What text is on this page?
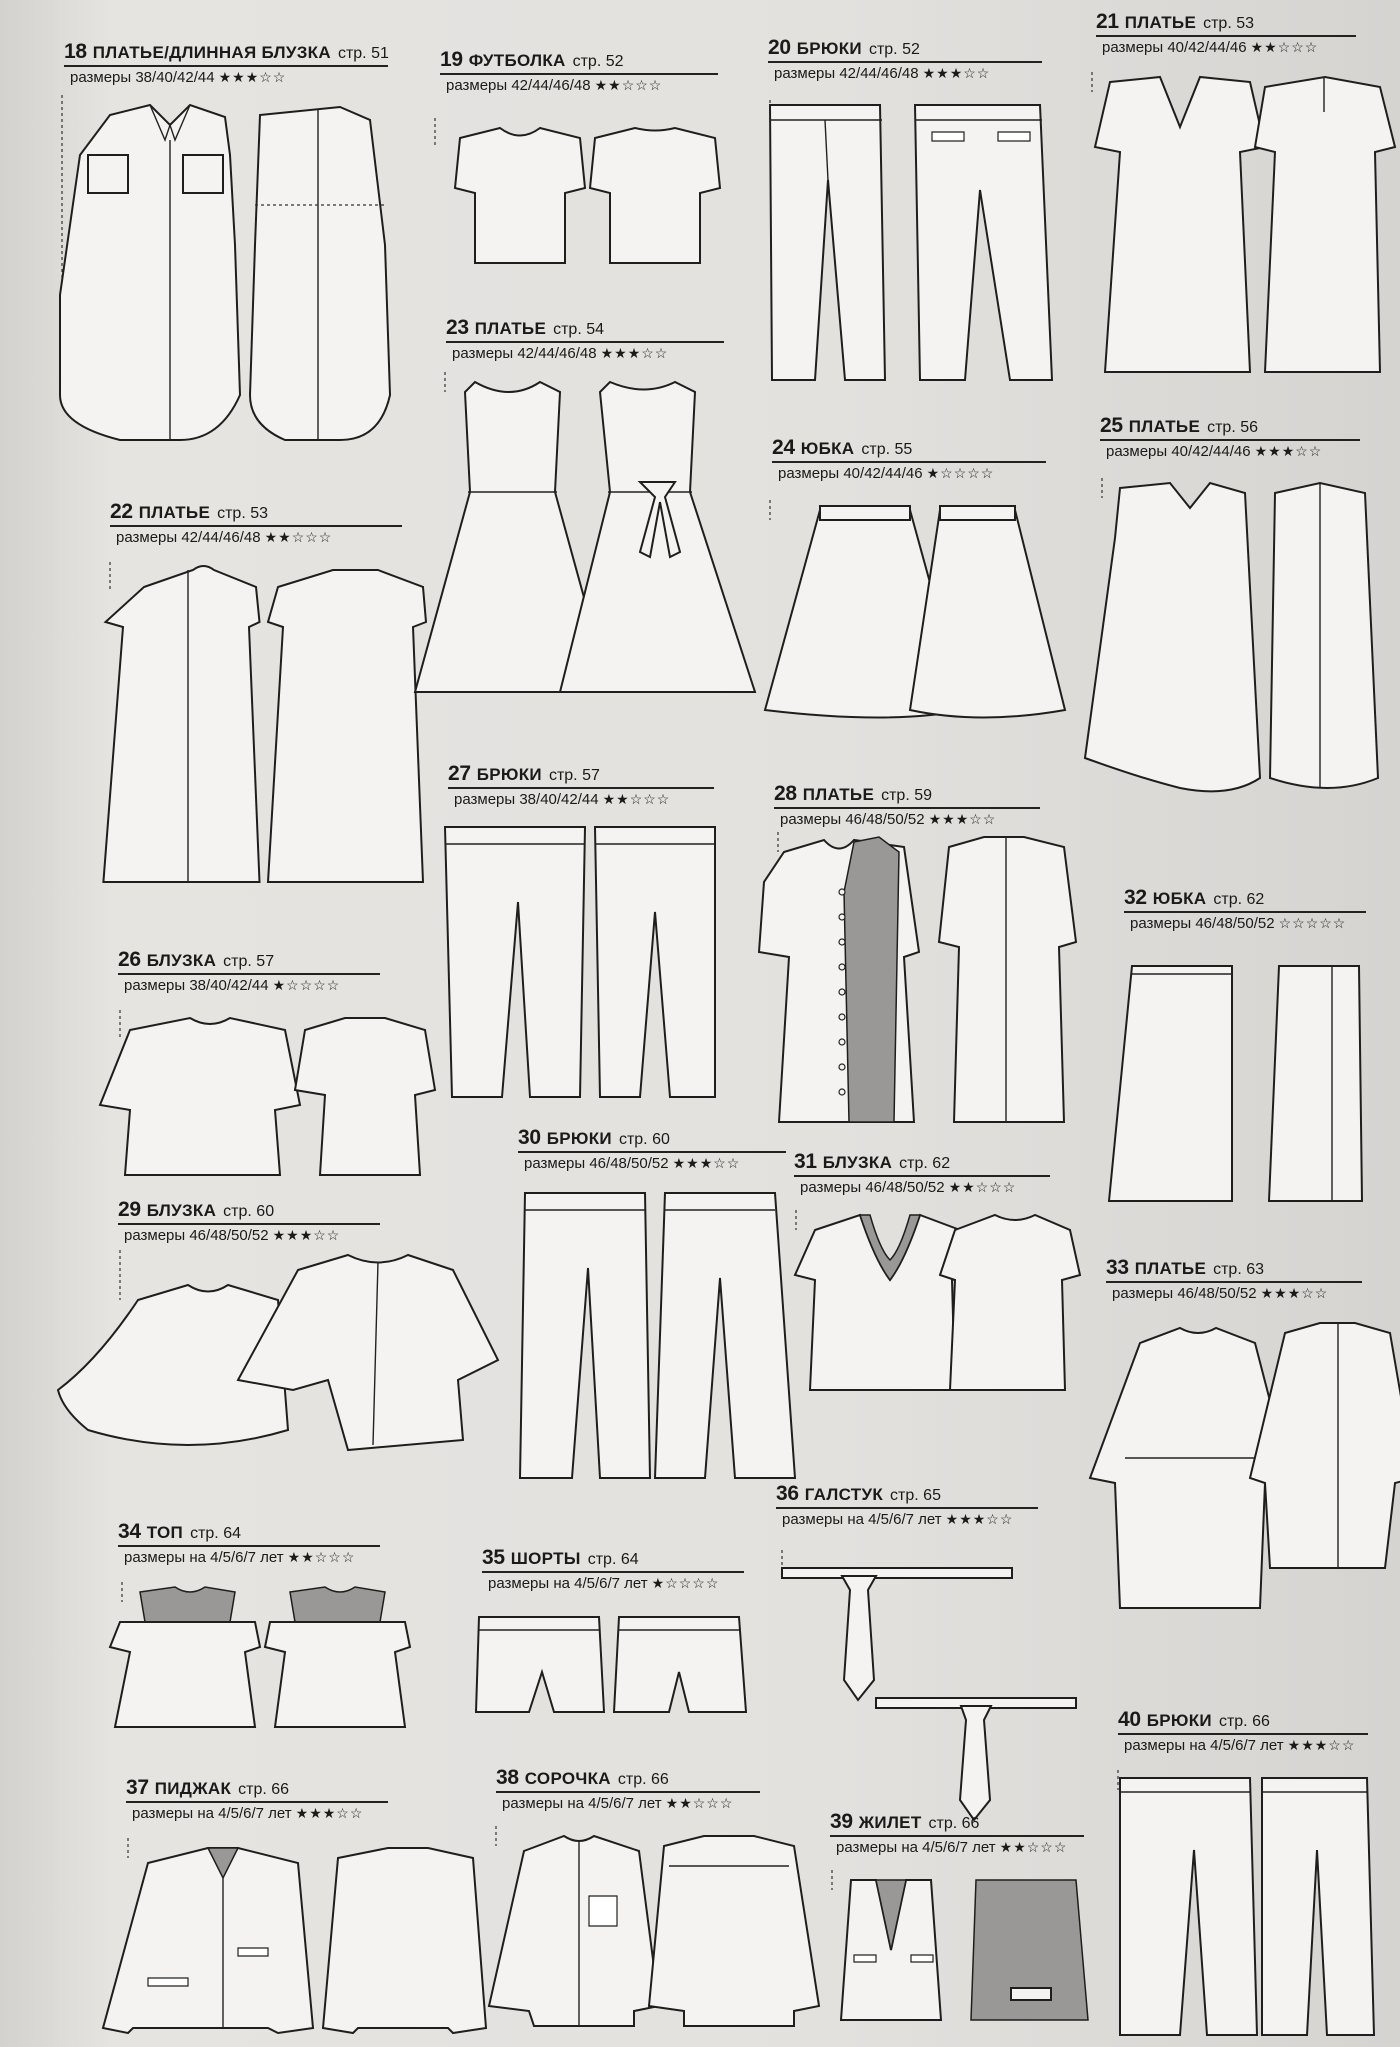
18 ПЛАТЬЕ/ДЛИННАЯ БЛУЗКА стр. 51
размеры 38/40/42/44 ★★★☆☆
19 ФУТБОЛКА стр. 52
размеры 42/44/46/48 ★★☆☆☆
20 БРЮКИ стр. 52
размеры 42/44/46/48 ★★★☆☆
21 ПЛАТЬЕ стр. 53
размеры 40/42/44/46 ★★☆☆☆
22 ПЛАТЬЕ стр. 53
размеры 42/44/46/48 ★★☆☆☆
23 ПЛАТЬЕ стр. 54
размеры 42/44/46/48 ★★★☆☆
24 ЮБКА стр. 55
размеры 40/42/44/46 ★☆☆☆☆
25 ПЛАТЬЕ стр. 56
размеры 40/42/44/46 ★★★☆☆
26 БЛУЗКА стр. 57
размеры 38/40/42/44 ★☆☆☆☆
27 БРЮКИ стр. 57
размеры 38/40/42/44 ★★☆☆☆	28 ПЛАТЬЕ стр. 59
размеры 46/48/50/52 ★★★☆☆
29 БЛУЗКА стр. 60
размеры 46/48/50/52 ★★★☆☆
30 БРЮКИ стр. 60
размеры 46/48/50/52 ★★★☆☆	31 БЛУЗКА стр. 62
размеры 46/48/50/52 ★★☆☆☆
32 ЮБКА стр. 62
размеры 46/48/50/52 ☆☆☆☆☆
33 ПЛАТЬЕ стр. 63
размеры 46/48/50/52 ★★★☆☆
34 ТОП стр. 64
размеры на 4/5/6/7 лет ★★☆☆☆	35 ШОРТЫ стр. 64
размеры на 4/5/6/7 лет ★☆☆☆☆
36 ГАЛСТУК стр. 65
размеры на 4/5/6/7 лет ★★★☆☆
37 ПИДЖАК стр. 66
размеры на 4/5/6/7 лет ★★★☆☆
38 СОРОЧКА стр. 66
размеры на 4/5/6/7 лет ★★☆☆☆
39 ЖИЛЕТ стр. 66
размеры на 4/5/6/7 лет ★★☆☆☆
40 БРЮКИ стр. 66
размеры на 4/5/6/7 лет ★★★☆☆
